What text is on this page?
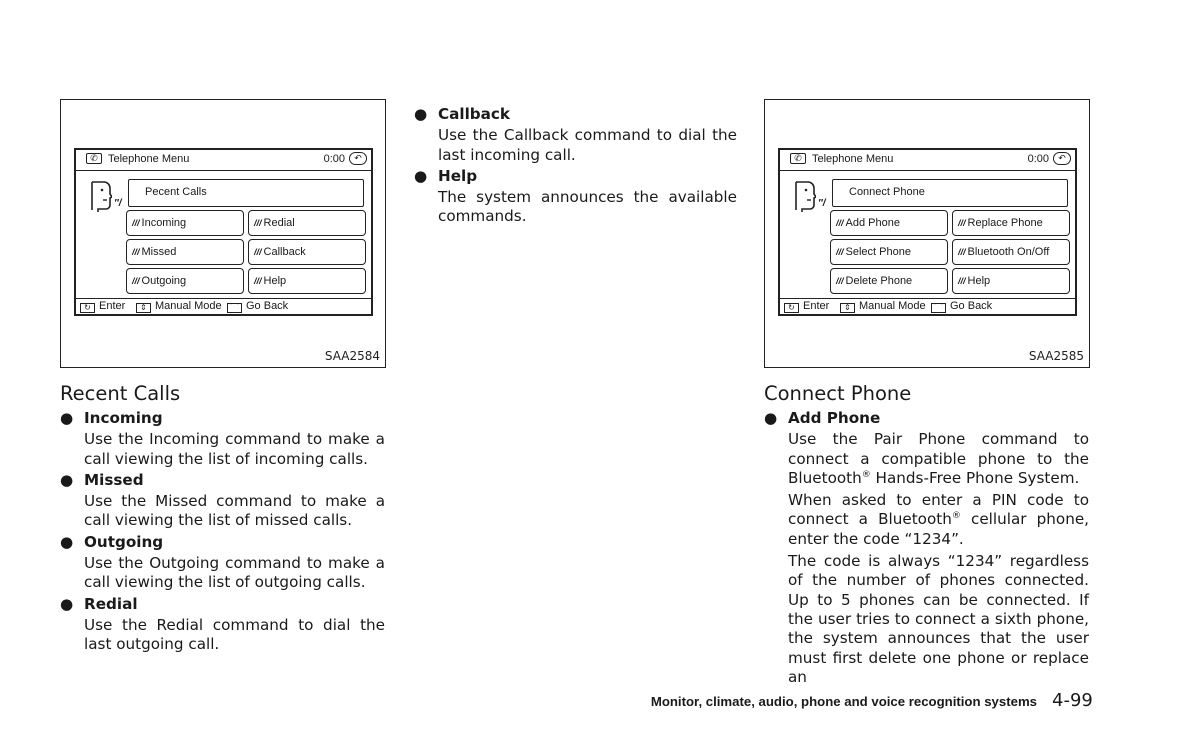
✆ Telephone Menu	0:00	↶
′′/
Pecent Calls
/// Incoming	/// Redial
/// Missed	/// Callback
/// Outgoing	/// Help
↻ Enter	⇕ Manual Mode	⌒ Go Back
SAA2584
✆ Telephone Menu	0:00	↶
′′/
Connect Phone
/// Add Phone	/// Replace Phone
/// Select Phone	/// Bluetooth On/Off
/// Delete Phone	/// Help
↻ Enter	⇕ Manual Mode	⌒ Go Back
SAA2585
Recent Calls
● Incoming
Use the Incoming command to make a call viewing the list of incoming calls.
● Missed
Use the Missed command to make a call viewing the list of missed calls.
● Outgoing
Use the Outgoing command to make a call viewing the list of outgoing calls.
● Redial
Use the Redial command to dial the last outgoing call.
● Callback
Use the Callback command to dial the last incoming call.
● Help
The system announces the available commands.
Connect Phone
● Add Phone
Use the Pair Phone command to connect a compatible phone to the Bluetooth® Hands-Free Phone System.
When asked to enter a PIN code to connect a Bluetooth® cellular phone, enter the code “1234”.
The code is always “1234” regardless of the number of phones connected. Up to 5 phones can be connected. If the user tries to connect a sixth phone, the system announces that the user must first delete one phone or replace an
Monitor, climate, audio, phone and voice recognition systems 4-99
